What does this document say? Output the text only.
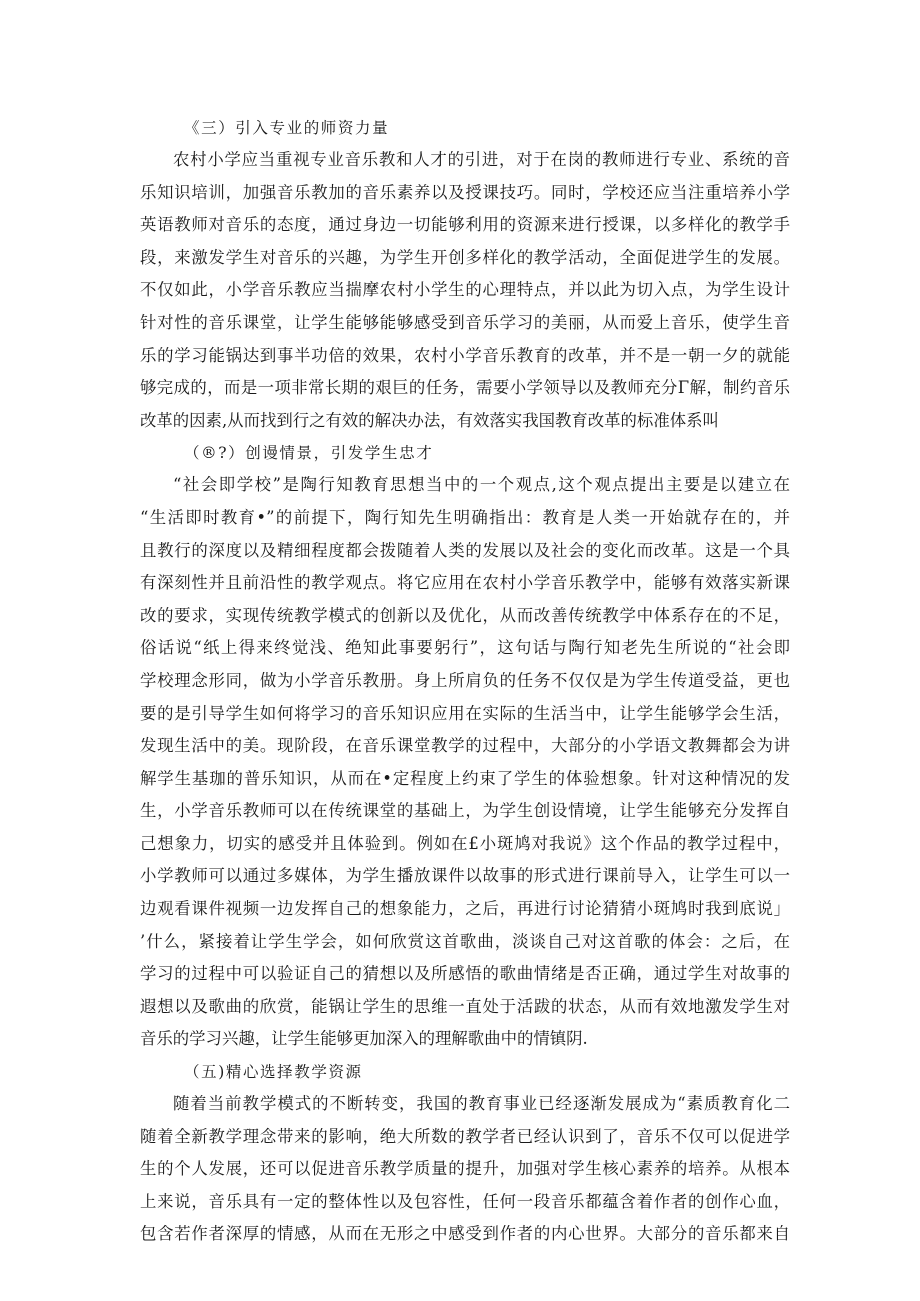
《三）引入专业的师资力量
农村小学应当重视专业音乐教和人才的引进，对于在岗的教师进行专业、系统的音
乐知识培训，加强音乐教加的音乐素养以及授课技巧。同时，学校还应当注重培养小学
英语教师对音乐的态度，通过身边一切能够利用的资源来进行授课，以多样化的教学手
段，来激发学生对音乐的兴趣，为学生开创多样化的教学活动，全面促进学生的发展。
不仅如此，小学音乐教应当揣摩农村小学生的心理特点，并以此为切入点，为学生设计
针对性的音乐课堂，让学生能够能够感受到音乐学习的美丽，从而爱上音乐，使学生音
乐的学习能锅达到事半功倍的效果，农村小学音乐教育的改革，并不是一朝一夕的就能
够完成的，而是一项非常长期的艰巨的任务，需要小学领导以及教师充分Γ解，制约音乐
改革的因素,从而找到行之有效的解决办法，有效落实我国教育改革的标准体系叫
（®?）创谩情景，引发学生忠才
“社会即学校”是陶行知教育思想当中的一个观点,这个观点提出主要是以建立在
“生活即时教育•”的前提下，陶行知先生明确指出：教育是人类一开始就存在的，并
且教行的深度以及精细程度都会拨随着人类的发展以及社会的变化而改革。这是一个具
有深刻性并且前沿性的教学观点。将它应用在农村小学音乐教学中，能够有效落实新课
改的要求，实现传统教学模式的创新以及优化，从而改善传统教学中体系存在的不足，
俗话说“纸上得来终觉浅、绝知此事要躬行”，这句话与陶行知老先生所说的“社会即
学校理念形同，做为小学音乐教册。身上所肩负的任务不仅仅是为学生传道受益，更也
要的是引导学生如何将学习的音乐知识应用在实际的生活当中，让学生能够学会生活，
发现生活中的美。现阶段，在音乐课堂教学的过程中，大部分的小学语文教舞都会为讲
解学生基珈的普乐知识，从而在•定程度上约束了学生的体验想象。针对这种情况的发
生，小学音乐教师可以在传统课堂的基础上，为学生创设情境，让学生能够充分发挥自
己想象力，切实的感受并且体验到。例如在£小斑鸠对我说》这个作品的教学过程中，
小学教师可以通过多媒体，为学生播放课件以故事的形式进行课前导入，让学生可以一
边观看课件视频一边发挥自己的想象能力，之后，再进行讨论猜猜小斑鸠时我到底说」
’什么，紧接着让学生学会，如何欣赏这首歌曲，淡谈自己对这首歌的体会：之后，在
学习的过程中可以验证自己的猜想以及所感悟的歌曲情绪是否正确，通过学生对故事的
遐想以及歌曲的欣赏，能锅让学生的思维一直处于活跋的状态，从而有效地激发学生对
音乐的学习兴趣，让学生能够更加深入的理解歌曲中的情镇阴.
（五)精心选择教学资源
随着当前教学模式的不断转变，我国的教育事业已经逐渐发展成为“素质教育化二
随着全新教学理念带来的影响，绝大所数的教学者已经认识到了，音乐不仅可以促进学
生的个人发展，还可以促进音乐教学质量的提升，加强对学生核心素养的培养。从根本
上来说，音乐具有一定的整体性以及包容性，任何一段音乐都蕴含着作者的创作心血，
包含若作者深厚的情感，从而在无形之中感受到作者的内心世界。大部分的音乐都来自
